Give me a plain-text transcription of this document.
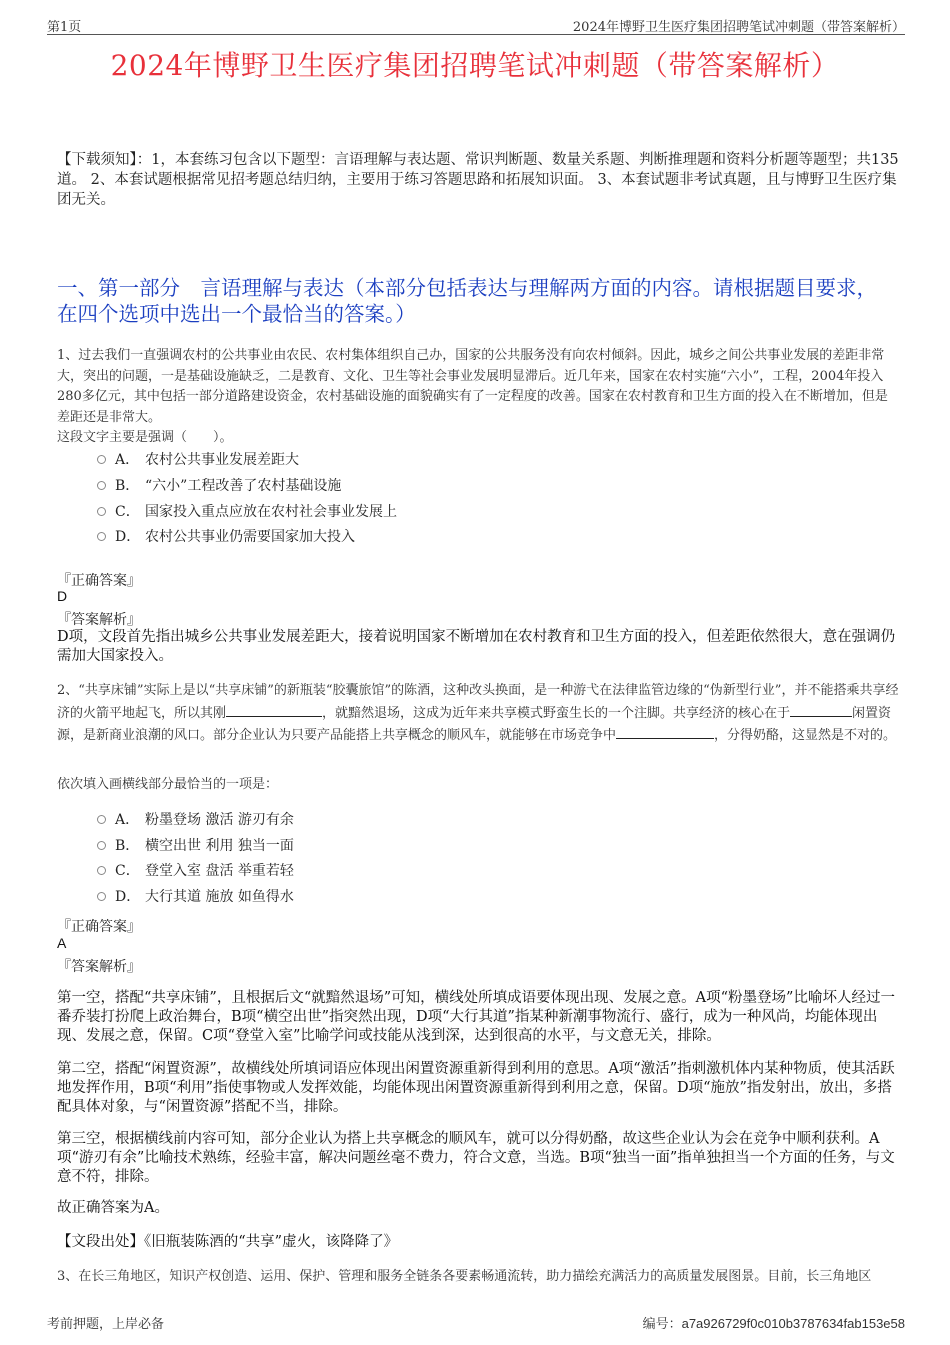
第1页	2024年博野卫生医疗集团招聘笔试冲刺题（带答案解析）
2024年博野卫生医疗集团招聘笔试冲刺题（带答案解析）
【下载须知】：1，本套练习包含以下题型：言语理解与表达题、常识判断题、数量关系题、判断推理题和资料分析题等题型；共135道。 2、本套试题根据常见招考题总结归纳，主要用于练习答题思路和拓展知识面。 3、本套试题非考试真题，且与博野卫生医疗集团无关。
一、第一部分　言语理解与表达（本部分包括表达与理解两方面的内容。请根据题目要求，在四个选项中选出一个最恰当的答案。）
1、过去我们一直强调农村的公共事业由农民、农村集体组织自己办，国家的公共服务没有向农村倾斜。因此，城乡之间公共事业发展的差距非常大，突出的问题，一是基础设施缺乏，二是教育、文化、卫生等社会事业发展明显滞后。近几年来，国家在农村实施“六小”，工程，2004年投入280多亿元，其中包括一部分道路建设资金，农村基础设施的面貌确实有了一定程度的改善。国家在农村教育和卫生方面的投入在不断增加，但是差距还是非常大。
这段文字主要是强调（　　）。
A． 农村公共事业发展差距大
B． “六小”工程改善了农村基础设施
C． 国家投入重点应放在农村社会事业发展上
D． 农村公共事业仍需要国家加大投入
『正确答案』
D
『答案解析』
D项，文段首先指出城乡公共事业发展差距大，接着说明国家不断增加在农村教育和卫生方面的投入，但差距依然很大，意在强调仍需加大国家投入。
2、“共享床铺”实际上是以“共享床铺”的新瓶装“胶囊旅馆”的陈酒，这种改头换面，是一种游弋在法律监管边缘的“伪新型行业”，并不能搭乘共享经济的火箭平地起飞，所以其刚	，就黯然退场，这成为近年来共享模式野蛮生长的一个注脚。共享经济的核心在于	闲置资源，是新商业浪潮的风口。部分企业认为只要产品能搭上共享概念的顺风车，就能够在市场竞争中	，分得奶酪，这显然是不对的。
依次填入画横线部分最恰当的一项是：
A． 粉墨登场 激活 游刃有余
B． 横空出世 利用 独当一面
C． 登堂入室 盘活 举重若轻
D． 大行其道 施放 如鱼得水
『正确答案』
A
『答案解析』
第一空，搭配“共享床铺”，且根据后文“就黯然退场”可知，横线处所填成语要体现出现、发展之意。A项“粉墨登场”比喻坏人经过一番乔装打扮爬上政治舞台，B项“横空出世”指突然出现，D项“大行其道”指某种新潮事物流行、盛行，成为一种风尚，均能体现出现、发展之意，保留。C项“登堂入室”比喻学问或技能从浅到深，达到很高的水平，与文意无关，排除。
第二空，搭配“闲置资源”，故横线处所填词语应体现出闲置资源重新得到利用的意思。A项“激活”指刺激机体内某种物质，使其活跃地发挥作用，B项“利用”指使事物或人发挥效能，均能体现出闲置资源重新得到利用之意，保留。D项“施放”指发射出，放出，多搭配具体对象，与“闲置资源”搭配不当，排除。
第三空，根据横线前内容可知，部分企业认为搭上共享概念的顺风车，就可以分得奶酪，故这些企业认为会在竞争中顺利获利。A项“游刃有余”比喻技术熟练，经验丰富，解决问题丝毫不费力，符合文意，当选。B项“独当一面”指单独担当一个方面的任务，与文意不符，排除。
故正确答案为A。
【文段出处】《旧瓶装陈酒的“共享”虚火，该降降了》
3、在长三角地区，知识产权创造、运用、保护、管理和服务全链条各要素畅通流转，助力描绘充满活力的高质量发展图景。目前，长三角地区
考前押题，上岸必备	编号：a7a926729f0c010b3787634fab153e58
